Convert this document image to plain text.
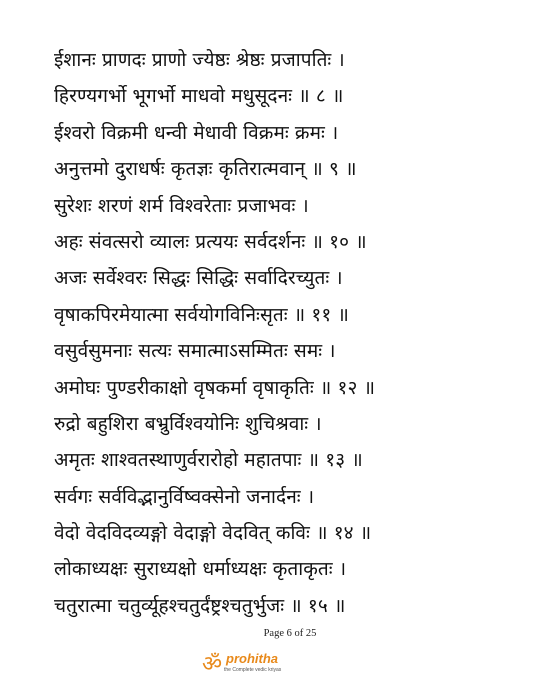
ईशानः प्राणदः प्राणो ज्येष्ठः श्रेष्ठः प्रजापतिः ।
हिरण्यगर्भो भूगर्भो माधवो मधुसूदनः ॥ ८ ॥
ईश्वरो विक्रमी धन्वी मेधावी विक्रमः क्रमः ।
अनुत्तमो दुराधर्षः कृतज्ञः कृतिरात्मवान् ॥ ९ ॥
सुरेशः शरणं शर्म विश्वरेताः प्रजाभवः ।
अहः संवत्सरो व्यालः प्रत्ययः सर्वदर्शनः ॥ १० ॥
अजः सर्वेश्वरः सिद्धः सिद्धिः सर्वादिरच्युतः ।
वृषाकपिरमेयात्मा सर्वयोगविनिःसृतः ॥ ११ ॥
वसुर्वसुमनाः सत्यः समात्माऽसम्मितः समः ।
अमोघः पुण्डरीकाक्षो वृषकर्मा वृषाकृतिः ॥ १२ ॥
रुद्रो बहुशिरा बभ्रुर्विश्वयोनिः शुचिश्रवाः ।
अमृतः शाश्वतस्थाणुर्वरारोहो महातपाः ॥ १३ ॥
सर्वगः सर्वविद्भानुर्विष्वक्सेनो जनार्दनः ।
वेदो वेदविदव्यङ्गो वेदाङ्गो वेदवित् कविः ॥ १४ ॥
लोकाध्यक्षः सुराध्यक्षो धर्माध्यक्षः कृताकृतः ।
चतुरात्मा चतुर्व्यूहश्चतुर्दंष्ट्रश्चतुर्भुजः ॥ १५ ॥
Page 6 of 25
ॐ prohitha
the Complete vedic kriyas
